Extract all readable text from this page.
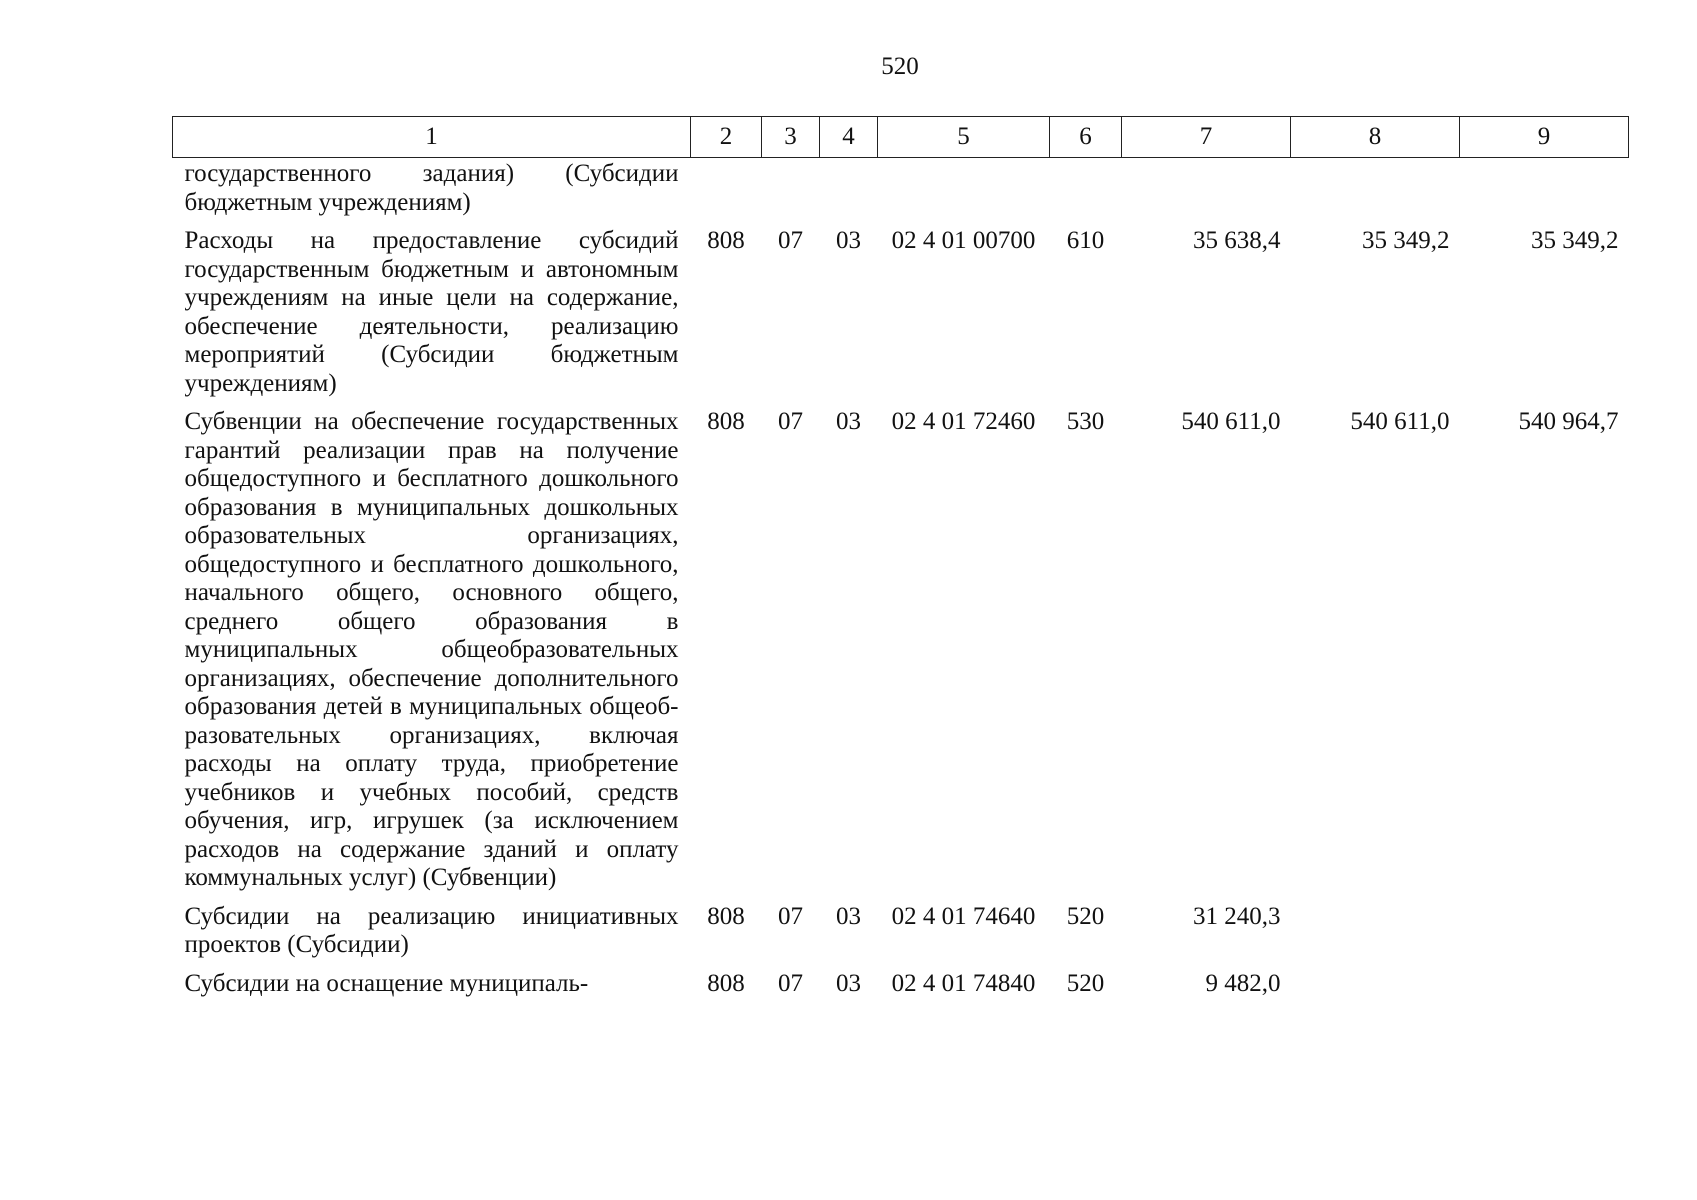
520
1	2	3	4	5	6	7	8	9
государственного задания) (Субсидии бюджетным учреждениям)								
Расходы на предоставление субсидий государственным бюджетным и автономным учреждениям на иные цели на содержание, обеспечение деятельности, реализацию мероприятий (Субсидии бюджетным учреждениям)	808	07	03	02 4 01 00700	610	35 638,4	35 349,2	35 349,2
Субвенции на обеспечение государственных гарантий реализации прав на получение общедоступного и бесплатного дошкольного образования в муниципальных дошкольных образовательных организациях, общедоступного и бесплатного дошкольного, начального общего, основного общего, среднего общего образования в муниципальных общеобразовательных организациях, обеспечение дополнительного образования детей в муниципальных общеобразовательных организациях, включая расходы на оплату труда, приобретение учебников и учебных пособий, средств обучения, игр, игрушек (за исключением расходов на содержание зданий и оплату коммунальных услуг) (Субвенции)	808	07	03	02 4 01 72460	530	540 611,0	540 611,0	540 964,7
Субсидии на реализацию инициативных проектов (Субсидии)	808	07	03	02 4 01 74640	520	31 240,3		
Субсидии на оснащение муниципаль-	808	07	03	02 4 01 74840	520	9 482,0		
